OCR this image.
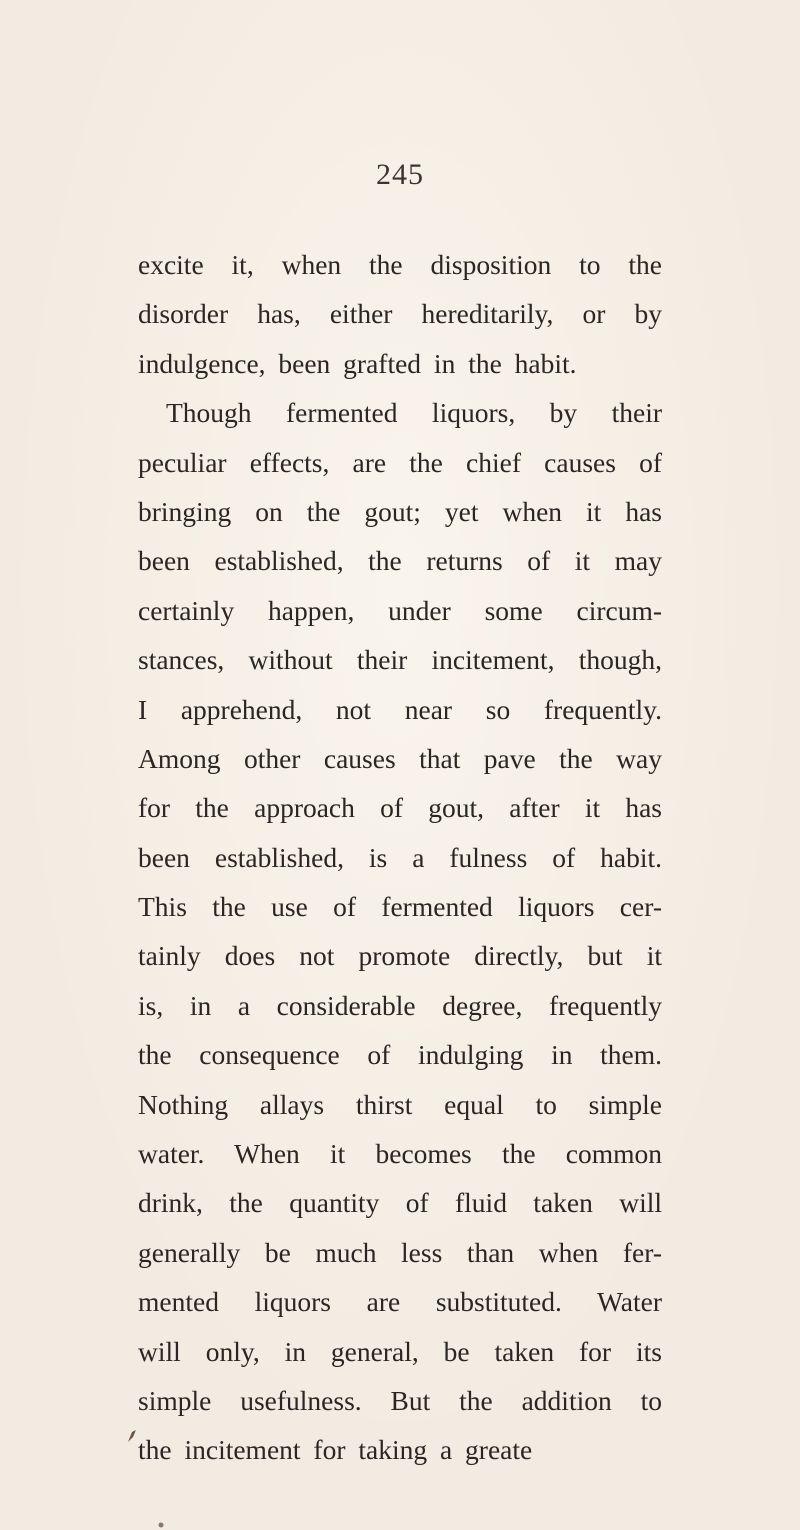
245
excite it, when the disposition to the
disorder has, either hereditarily, or by
indulgence, been grafted in the habit.
Though fermented liquors, by their
peculiar effects, are the chief causes of
bringing on the gout; yet when it has
been established, the returns of it may
certainly happen, under some circum-
stances, without their incitement, though,
I apprehend, not near so frequently.
Among other causes that pave the way
for the approach of gout, after it has
been established, is a fulness of habit.
This the use of fermented liquors cer-
tainly does not promote directly, but it
is, in a considerable degree, frequently
the consequence of indulging in them.
Nothing allays thirst equal to simple
water. When it becomes the common
drink, the quantity of fluid taken will
generally be much less than when fer-
mented liquors are substituted. Water
will only, in general, be taken for its
simple usefulness. But the addition to
the incitement for taking a greate
